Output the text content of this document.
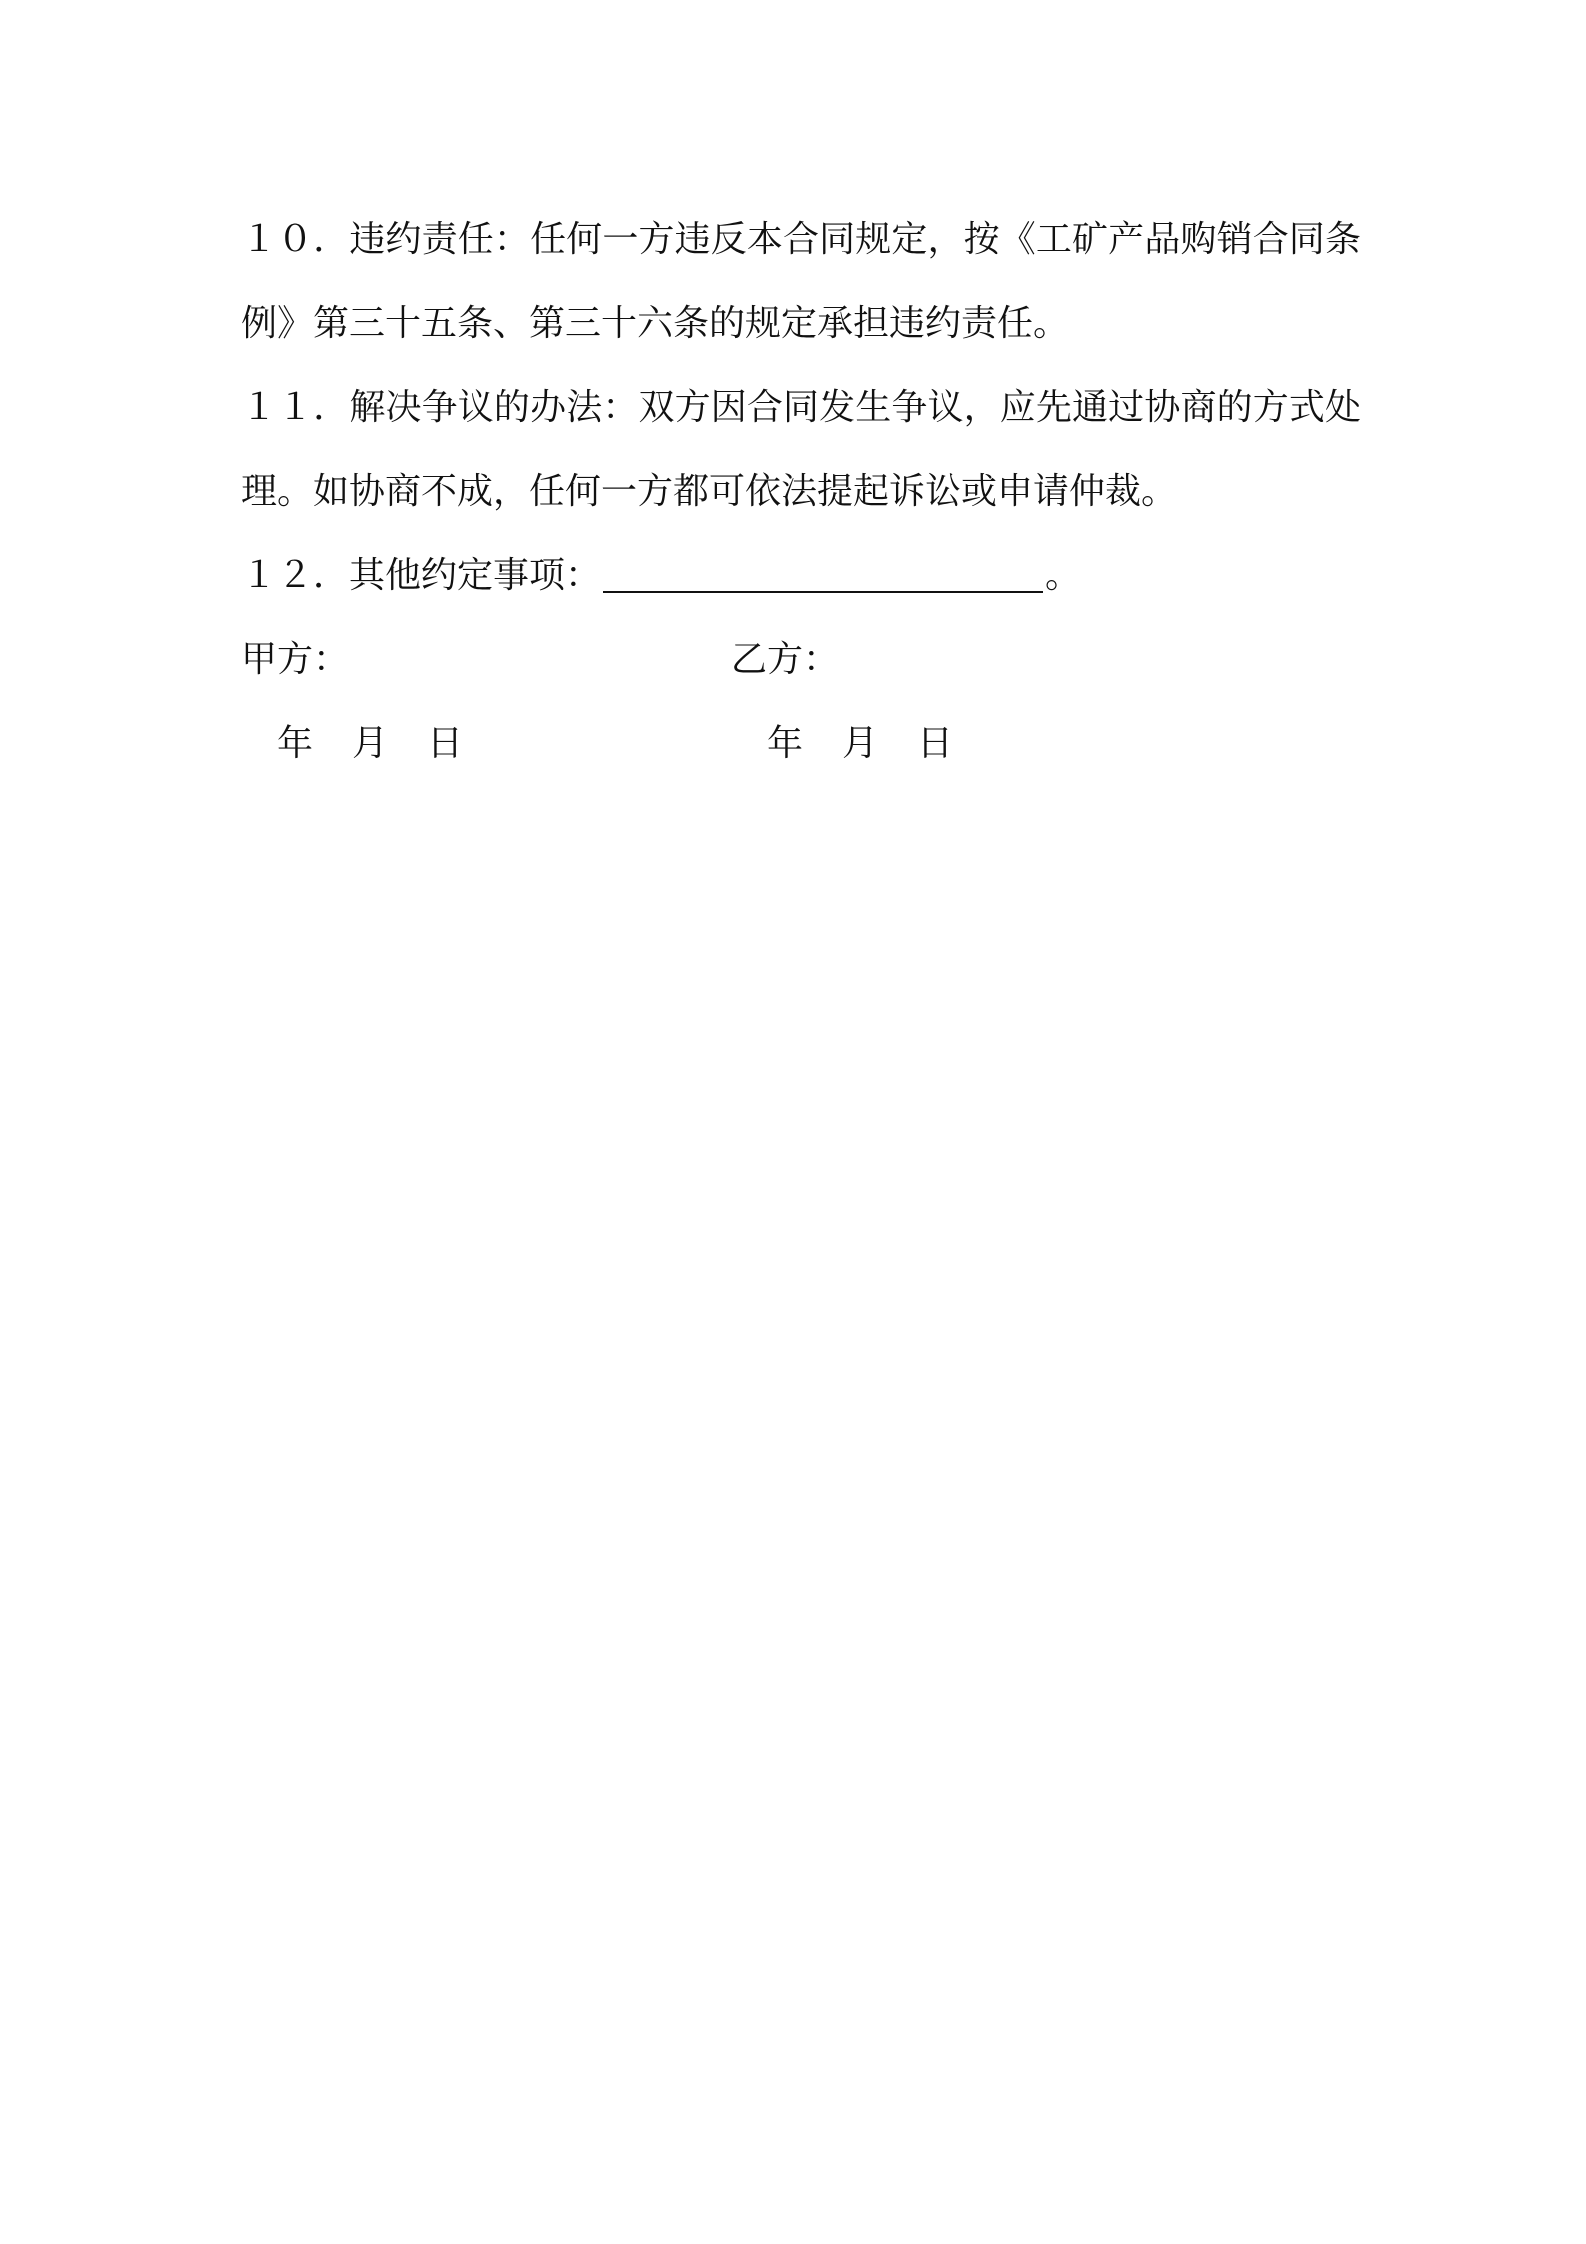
１０．违约责任：任何一方违反本合同规定，按《工矿产品购销合同条例》第三十五条、第三十六条的规定承担违约责任。

１１．解决争议的办法：双方因合同发生争议，应先通过协商的方式处理。如协商不成，任何一方都可依法提起诉讼或申请仲裁。

１２．其他约定事项：	。

甲方：	乙方：
年 月 日	年 月 日
